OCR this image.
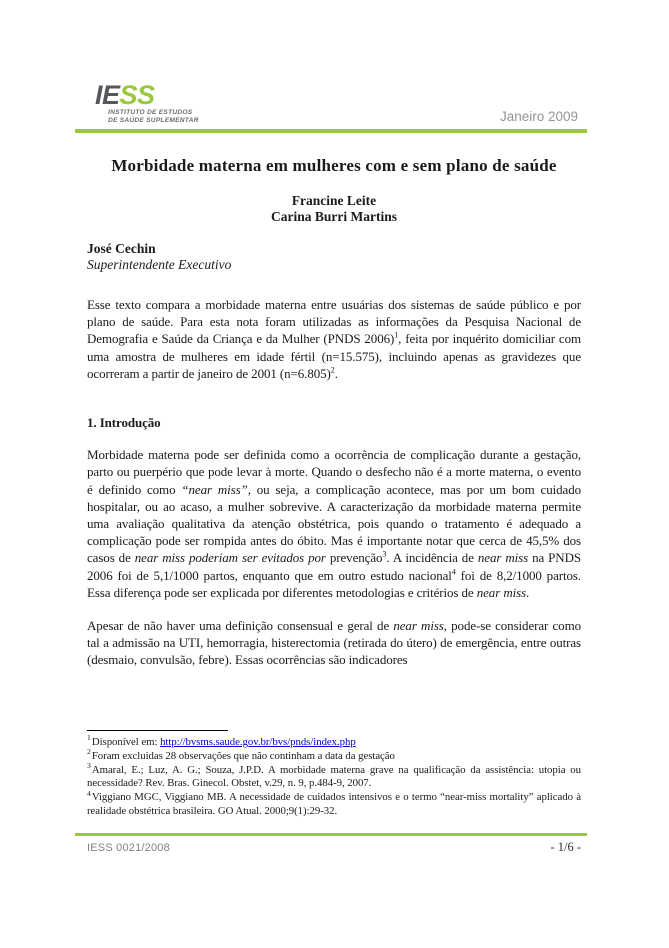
IESS
INSTITUTO DE ESTUDOS
DE SAÚDE SUPLEMENTAR	Janeiro 2009
Morbidade materna em mulheres com e sem plano de saúde
Francine Leite
Carina Burri Martins
José Cechin
Superintendente Executivo

Esse texto compara a morbidade materna entre usuárias dos sistemas de saúde público e por plano de saúde. Para esta nota foram utilizadas as informações da Pesquisa Nacional de Demografia e Saúde da Criança e da Mulher (PNDS 2006)$^1$, feita por inquérito domiciliar com uma amostra de mulheres em idade fértil (n=15.575), incluindo apenas as gravidezes que ocorreram a partir de janeiro de 2001 (n=6.805)$^2$.

1. Introdução

Morbidade materna pode ser definida como a ocorrência de complicação durante a gestação, parto ou puerpério que pode levar à morte. Quando o desfecho não é a morte materna, o evento é definido como “near miss”, ou seja, a complicação acontece, mas por um bom cuidado hospitalar, ou ao acaso, a mulher sobrevive. A caracterização da morbidade materna permite uma avaliação qualitativa da atenção obstétrica, pois quando o tratamento é adequado a complicação pode ser rompida antes do óbito. Mas é importante notar que cerca de 45,5% dos casos de near miss poderiam ser evitados por prevenção$^3$. A incidência de near miss na PNDS 2006 foi de 5,1/1000 partos, enquanto que em outro estudo nacional$^4$ foi de 8,2/1000 partos. Essa diferença pode ser explicada por diferentes metodologias e critérios de near miss.

Apesar de não haver uma definição consensual e geral de near miss, pode-se considerar como tal a admissão na UTI, hemorragia, histerectomia (retirada do útero) de emergência, entre outras (desmaio, convulsão, febre). Essas ocorrências são indicadores

$^1$Disponível em: http://bvsms.saude.gov.br/bvs/pnds/index.php

$^2$Foram excluidas 28 observações que não continham a data da gestação

$^3$Amaral, E.; Luz, A. G.; Souza, J.P.D. A morbidade materna grave na qualificação da assistência: utopia ou necessidade? Rev. Bras. Ginecol. Obstet, v.29, n. 9, p.484-9, 2007.

$^4$Viggiano MGC, Viggiano MB. A necessidade de cuidados intensivos e o termo “near-miss mortality” aplicado à realidade obstétrica brasileira. GO Atual. 2000;9(1):29-32.

IESS 0021/2008	- 1/6 -
